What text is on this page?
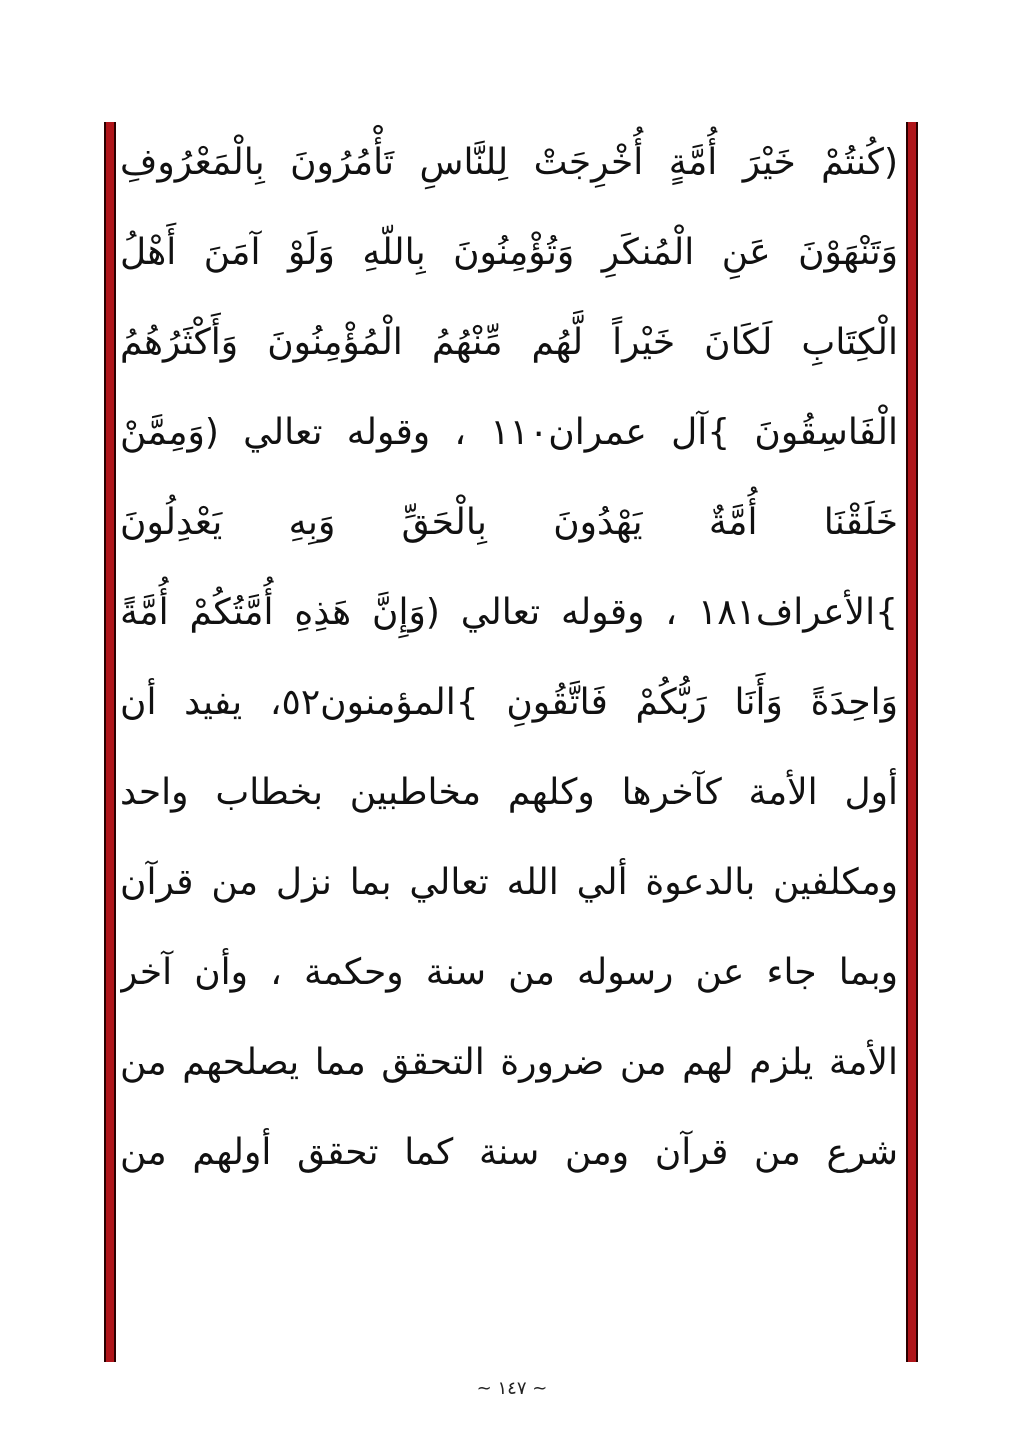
(كُنتُمْ خَيْرَ أُمَّةٍ أُخْرِجَتْ لِلنَّاسِ تَأْمُرُونَ بِالْمَعْرُوفِ
وَتَنْهَوْنَ عَنِ الْمُنكَرِ وَتُؤْمِنُونَ بِاللّهِ وَلَوْ آمَنَ أَهْلُ
الْكِتَابِ لَكَانَ خَيْراً لَّهُم مِّنْهُمُ الْمُؤْمِنُونَ وَأَكْثَرُهُمُ
الْفَاسِقُونَ }آل عمران١١٠ ، وقوله تعالي (وَمِمَّنْ
خَلَقْنَا أُمَّةٌ يَهْدُونَ بِالْحَقِّ وَبِهِ يَعْدِلُونَ
}الأعراف١٨١ ، وقوله تعالي (وَإِنَّ هَذِهِ أُمَّتُكُمْ أُمَّةً
وَاحِدَةً وَأَنَا رَبُّكُمْ فَاتَّقُونِ }المؤمنون٥٢، يفيد أن
أول الأمة كآخرها وكلهم مخاطبين بخطاب واحد
ومكلفين بالدعوة ألي الله تعالي بما نزل من قرآن
وبما جاء عن رسوله من سنة وحكمة ، وأن آخر
الأمة يلزم لهم من ضرورة التحقق مما يصلحهم من
شرع من قرآن ومن سنة كما تحقق أولهم من
~ ١٤٧ ~
